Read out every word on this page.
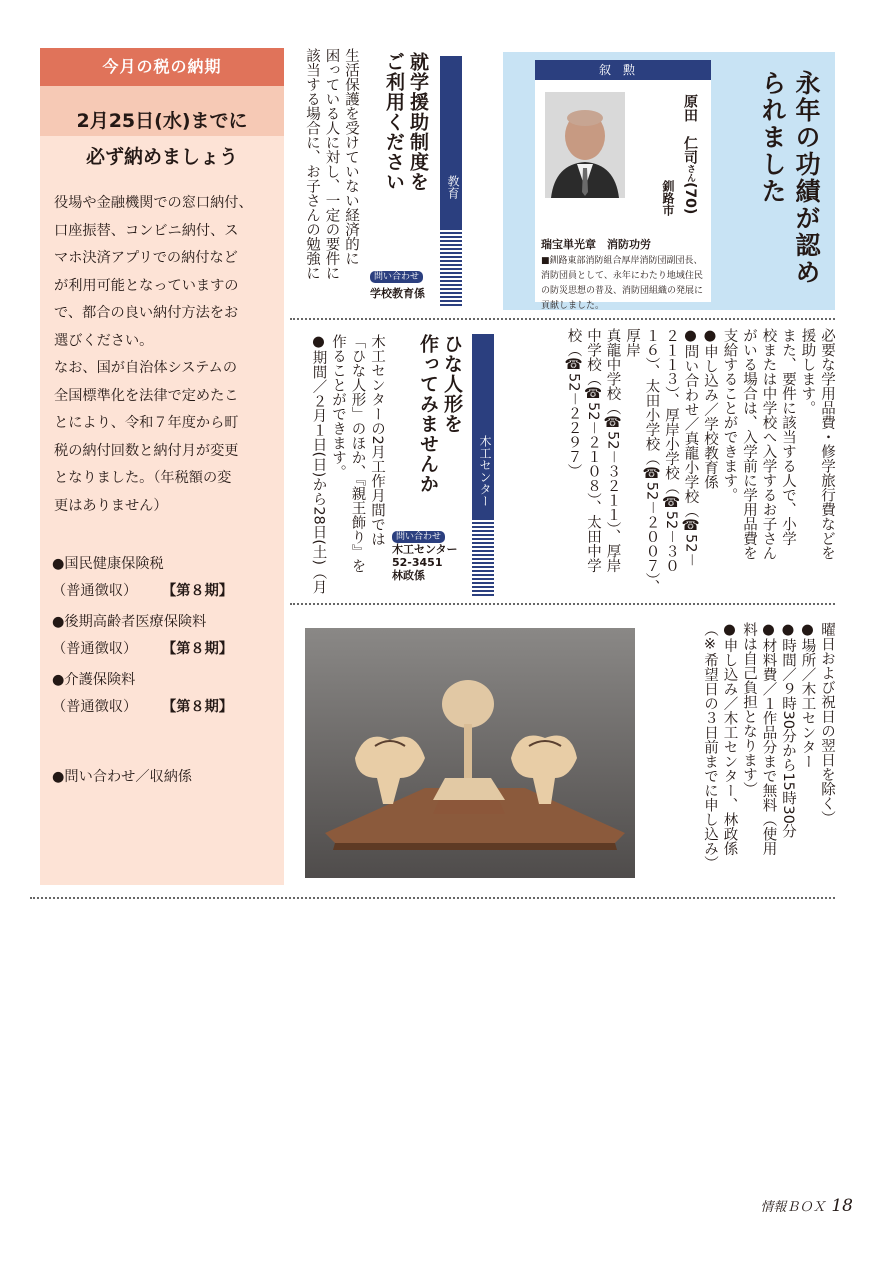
今月の税の納期
2月25日(水)までに
必ず納めましょう
役場や金融機関での窓口納付、
口座振替、コンビニ納付、ス
マホ決済アプリでの納付など
が利用可能となっていますの
で、都合の良い納付方法をお
選びください。
なお、国が自治体システムの
全国標準化を法律で定めたこ
とにより、令和７年度から町
税の納付回数と納付月が変更
となりました。（年税額の変
更はありません）
●国民健康保険税
（普通徴収） 【第８期】
●後期高齢者医療保険料
（普通徴収） 【第８期】
●介護保険料
（普通徴収） 【第８期】
●問い合わせ／収納係
永年の功績が認められました
叙勲
原田　仁司さん(70)
釧路市
瑞宝単光章　消防功労
■釧路東部消防組合厚岸消防団副団長、消防団員として、永年にわたり地域住民の防災思想の普及、消防団組織の発展に貢献しました。
教育
就学援助制度を
ご利用ください
問い合わせ
学校教育係
生活保護を受けていない経済的に
困っている人に対し、一定の要件に
該当する場合に、お子さんの勉強に
必要な学用品費・修学旅行費などを
援助します。
また、要件に該当する人で、小学
校または中学校へ入学するお子さん
がいる場合は、入学前に学用品費を
支給することができます。
●申し込み／学校教育係
●問い合わせ／真龍小学校（☎52－
２１１３）、厚岸小学校（☎52－３０
１６）、太田小学校（☎52－２００７）、厚岸
真龍中学校（☎52－３２１１）、厚岸
中学校（☎52－２１０８）、太田中学
校（☎52－２２９７）
木工センター
ひな人形を
作ってみませんか
問い合わせ
木工センター
52-3451
林政係
木工センターの2月工作月間では
「ひな人形」のほか、『親王飾り』を
作ることができます。
●期間／２月１日(日)から28日(土)（月
曜日および祝日の翌日を除く）
●場所／木工センター
●時間／９時30分から15時30分
●材料費／１作品分まで無料（使用
料は自己負担となります）
●申し込み／木工センター、林政係
（※希望日の３日前までに申し込み）
情報ＢＯＸ 18
